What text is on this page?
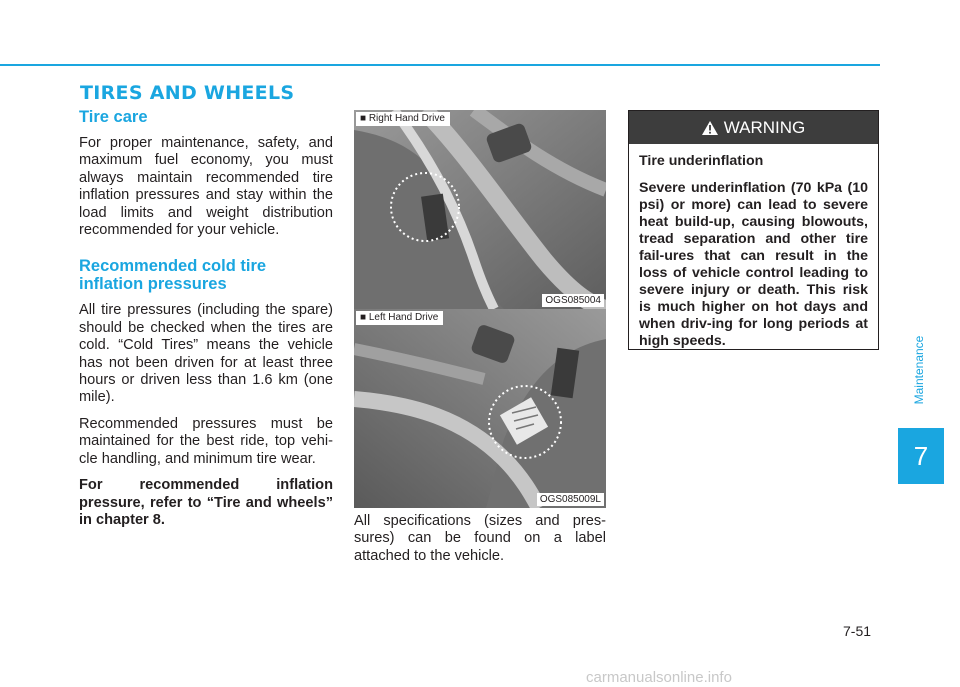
TIRES AND WHEELS
Tire care

For proper maintenance, safety, and maximum fuel economy, you must always maintain recommended tire inflation pressures and stay within the load limits and weight distribution recommended for your vehicle.

Recommended cold tire inflation pressures

All tire pressures (including the spare) should be checked when the tires are cold. “Cold Tires” means the vehicle has not been driven for at least three hours or driven less than 1.6 km (one mile).

Recommended pressures must be maintained for the best ride, top vehi-cle handling, and minimum tire wear.

For recommended inflation pressure, refer to “Tire and wheels” in chapter 8.

■ Right Hand Drive
OGS085004
■ Left Hand Drive
OGS085009L
All specifications (sizes and pres-sures) can be found on a label attached to the vehicle.
WARNING

Tire underinflation

Severe underinflation (70 kPa (10 psi) or more) can lead to severe heat build-up, causing blowouts, tread separation and other tire fail-ures that can result in the loss of vehicle control leading to severe injury or death. This risk is much higher on hot days and when driv-ing for long periods at high speeds.	Maintenance
7
7-51
carmanualsonline.info
